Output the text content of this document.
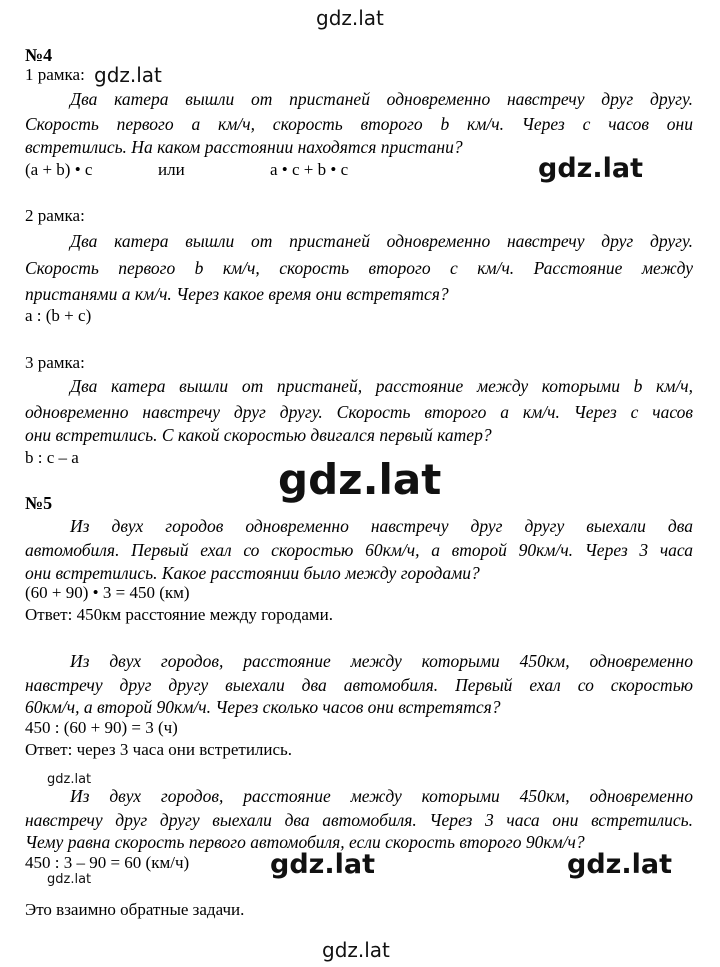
gdz.lat
gdz.lat
gdz.lat
gdz.lat
gdz.lat
gdz.lat	gdz.lat	gdz.lat
gdz.lat
№4
1 рамка:
Два катера вышли от пристаней одновременно навстречу друг другу.
Скорость первого а км/ч, скорость второго b км/ч. Через с часов они
встретились. На каком расстоянии находятся пристани?
(a + b) • c	или	a • c + b • c
2 рамка:
Два катера вышли от пристаней одновременно навстречу друг другу.
Скорость первого b км/ч, скорость второго с км/ч. Расстояние между
пристанями а км/ч. Через какое время они встретятся?
a : (b + c)
3 рамка:
Два катера вышли от пристаней, расстояние между которыми b км/ч,
одновременно навстречу друг другу. Скорость второго а км/ч. Через с часов
они встретились. С какой скоростью двигался первый катер?
b : c – a
№5
Из двух городов одновременно навстречу друг другу выехали два
автомобиля. Первый ехал со скоростью 60км/ч, а второй 90км/ч. Через 3 часа
они встретились. Какое расстоянии было между городами?
(60 + 90) • 3 = 450 (км)
Ответ: 450км расстояние между городами.
Из двух городов, расстояние между которыми 450км, одновременно
навстречу друг другу выехали два автомобиля. Первый ехал со скоростью
60км/ч, а второй 90км/ч. Через сколько часов они встретятся?
450 : (60 + 90) = 3 (ч)
Ответ: через 3 часа они встретились.
Из двух городов, расстояние между которыми 450км, одновременно
навстречу друг другу выехали два автомобиля. Через 3 часа они встретились.
Чему равна скорость первого автомобиля, если скорость второго 90км/ч?
450 : 3 – 90 = 60 (км/ч)
Это взаимно обратные задачи.
